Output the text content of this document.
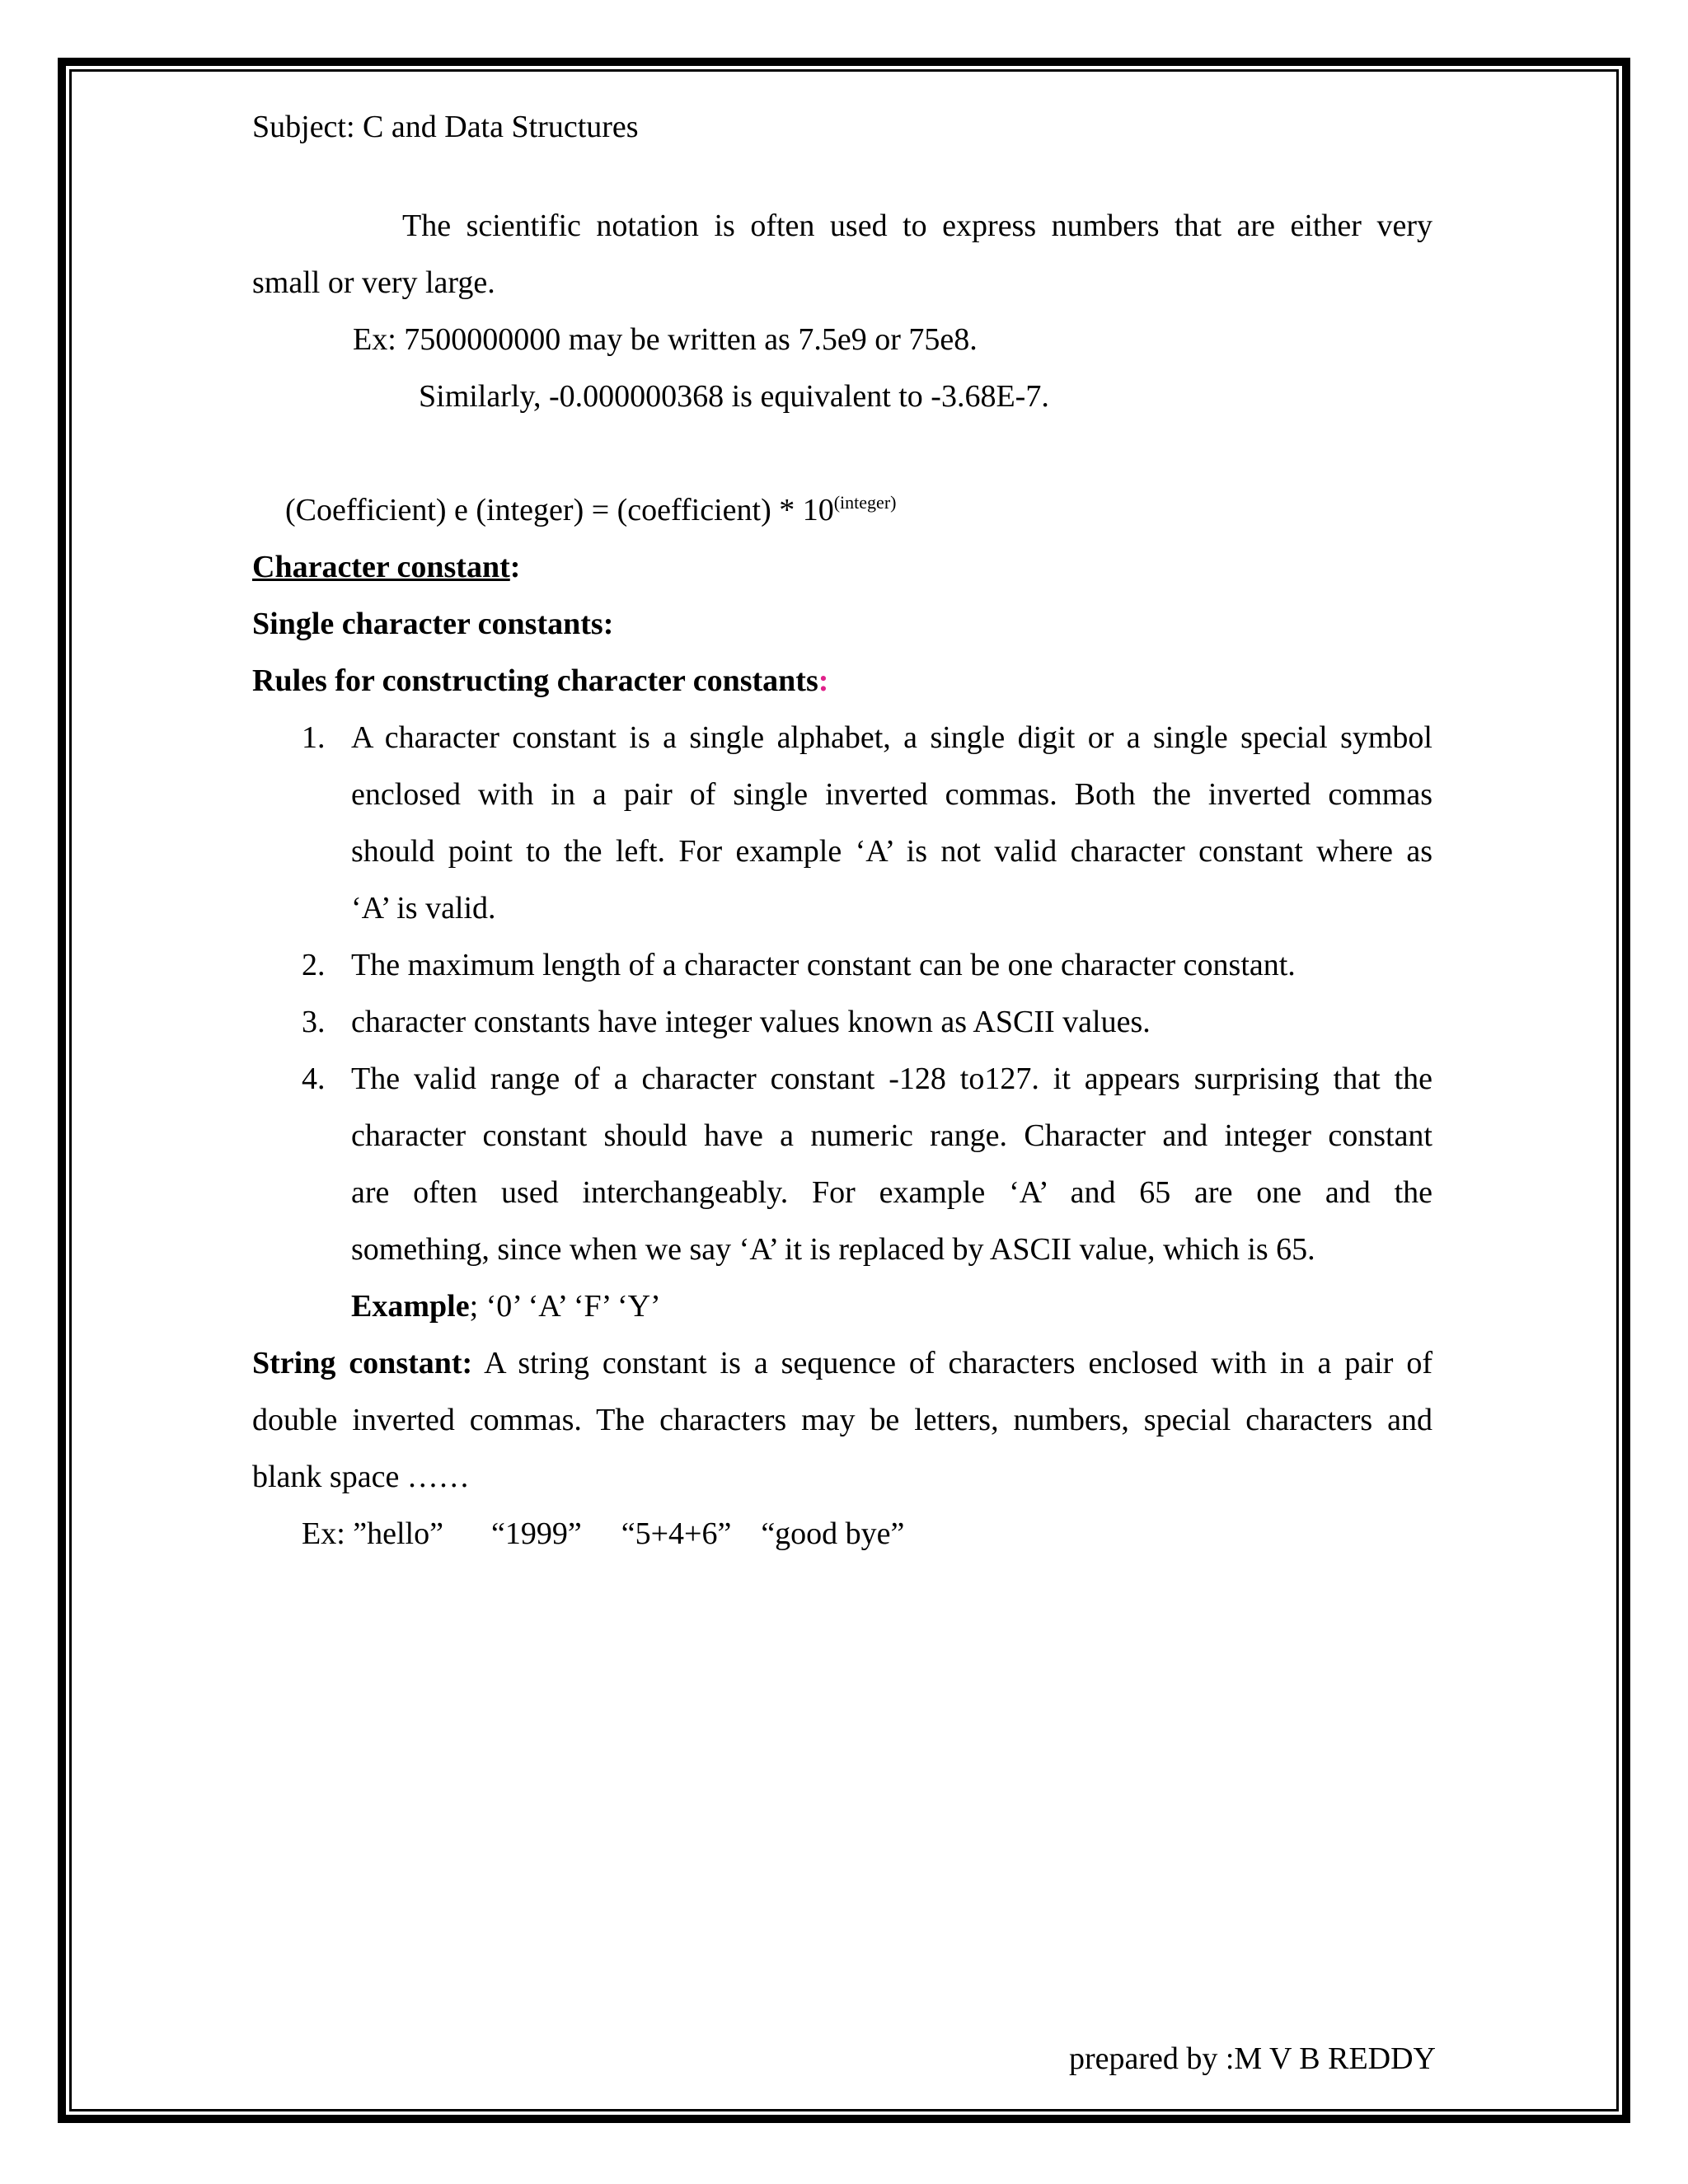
Subject: C and Data Structures

The scientific notation is often used to express numbers that are either very

small or very large.

Ex: 7500000000 may be written as 7.5e9 or 75e8.

Similarly, -0.000000368 is equivalent to -3.68E-7.

(Coefficient) e (integer) = (coefficient) * $10^{(integer)}$

Character constant:

Single character constants:

Rules for constructing character constants:

1. A character constant is a single alphabet, a single digit or a single special symbol

enclosed with in a pair of single inverted commas. Both the inverted commas

should point to the left. For example ‘A’ is not valid character constant where as

‘A’ is valid.

2. The maximum length of a character constant can be one character constant.

3. character constants have integer values known as ASCII values.

4. The valid range of a character constant -128 to127. it appears surprising that the

character constant should have a numeric range. Character and integer constant

are often used interchangeably. For example ‘A’ and 65 are one and the

something, since when we say ‘A’ it is replaced by ASCII value, which is 65.

Example; ‘0’ ‘A’ ‘F’ ‘Y’

String constant: A string constant is a sequence of characters enclosed with in a pair of

double inverted commas. The characters may be letters, numbers, special characters and

blank space ……

Ex: ”hello” “1999” “5+4+6” “good bye”

prepared by :M V B REDDY
